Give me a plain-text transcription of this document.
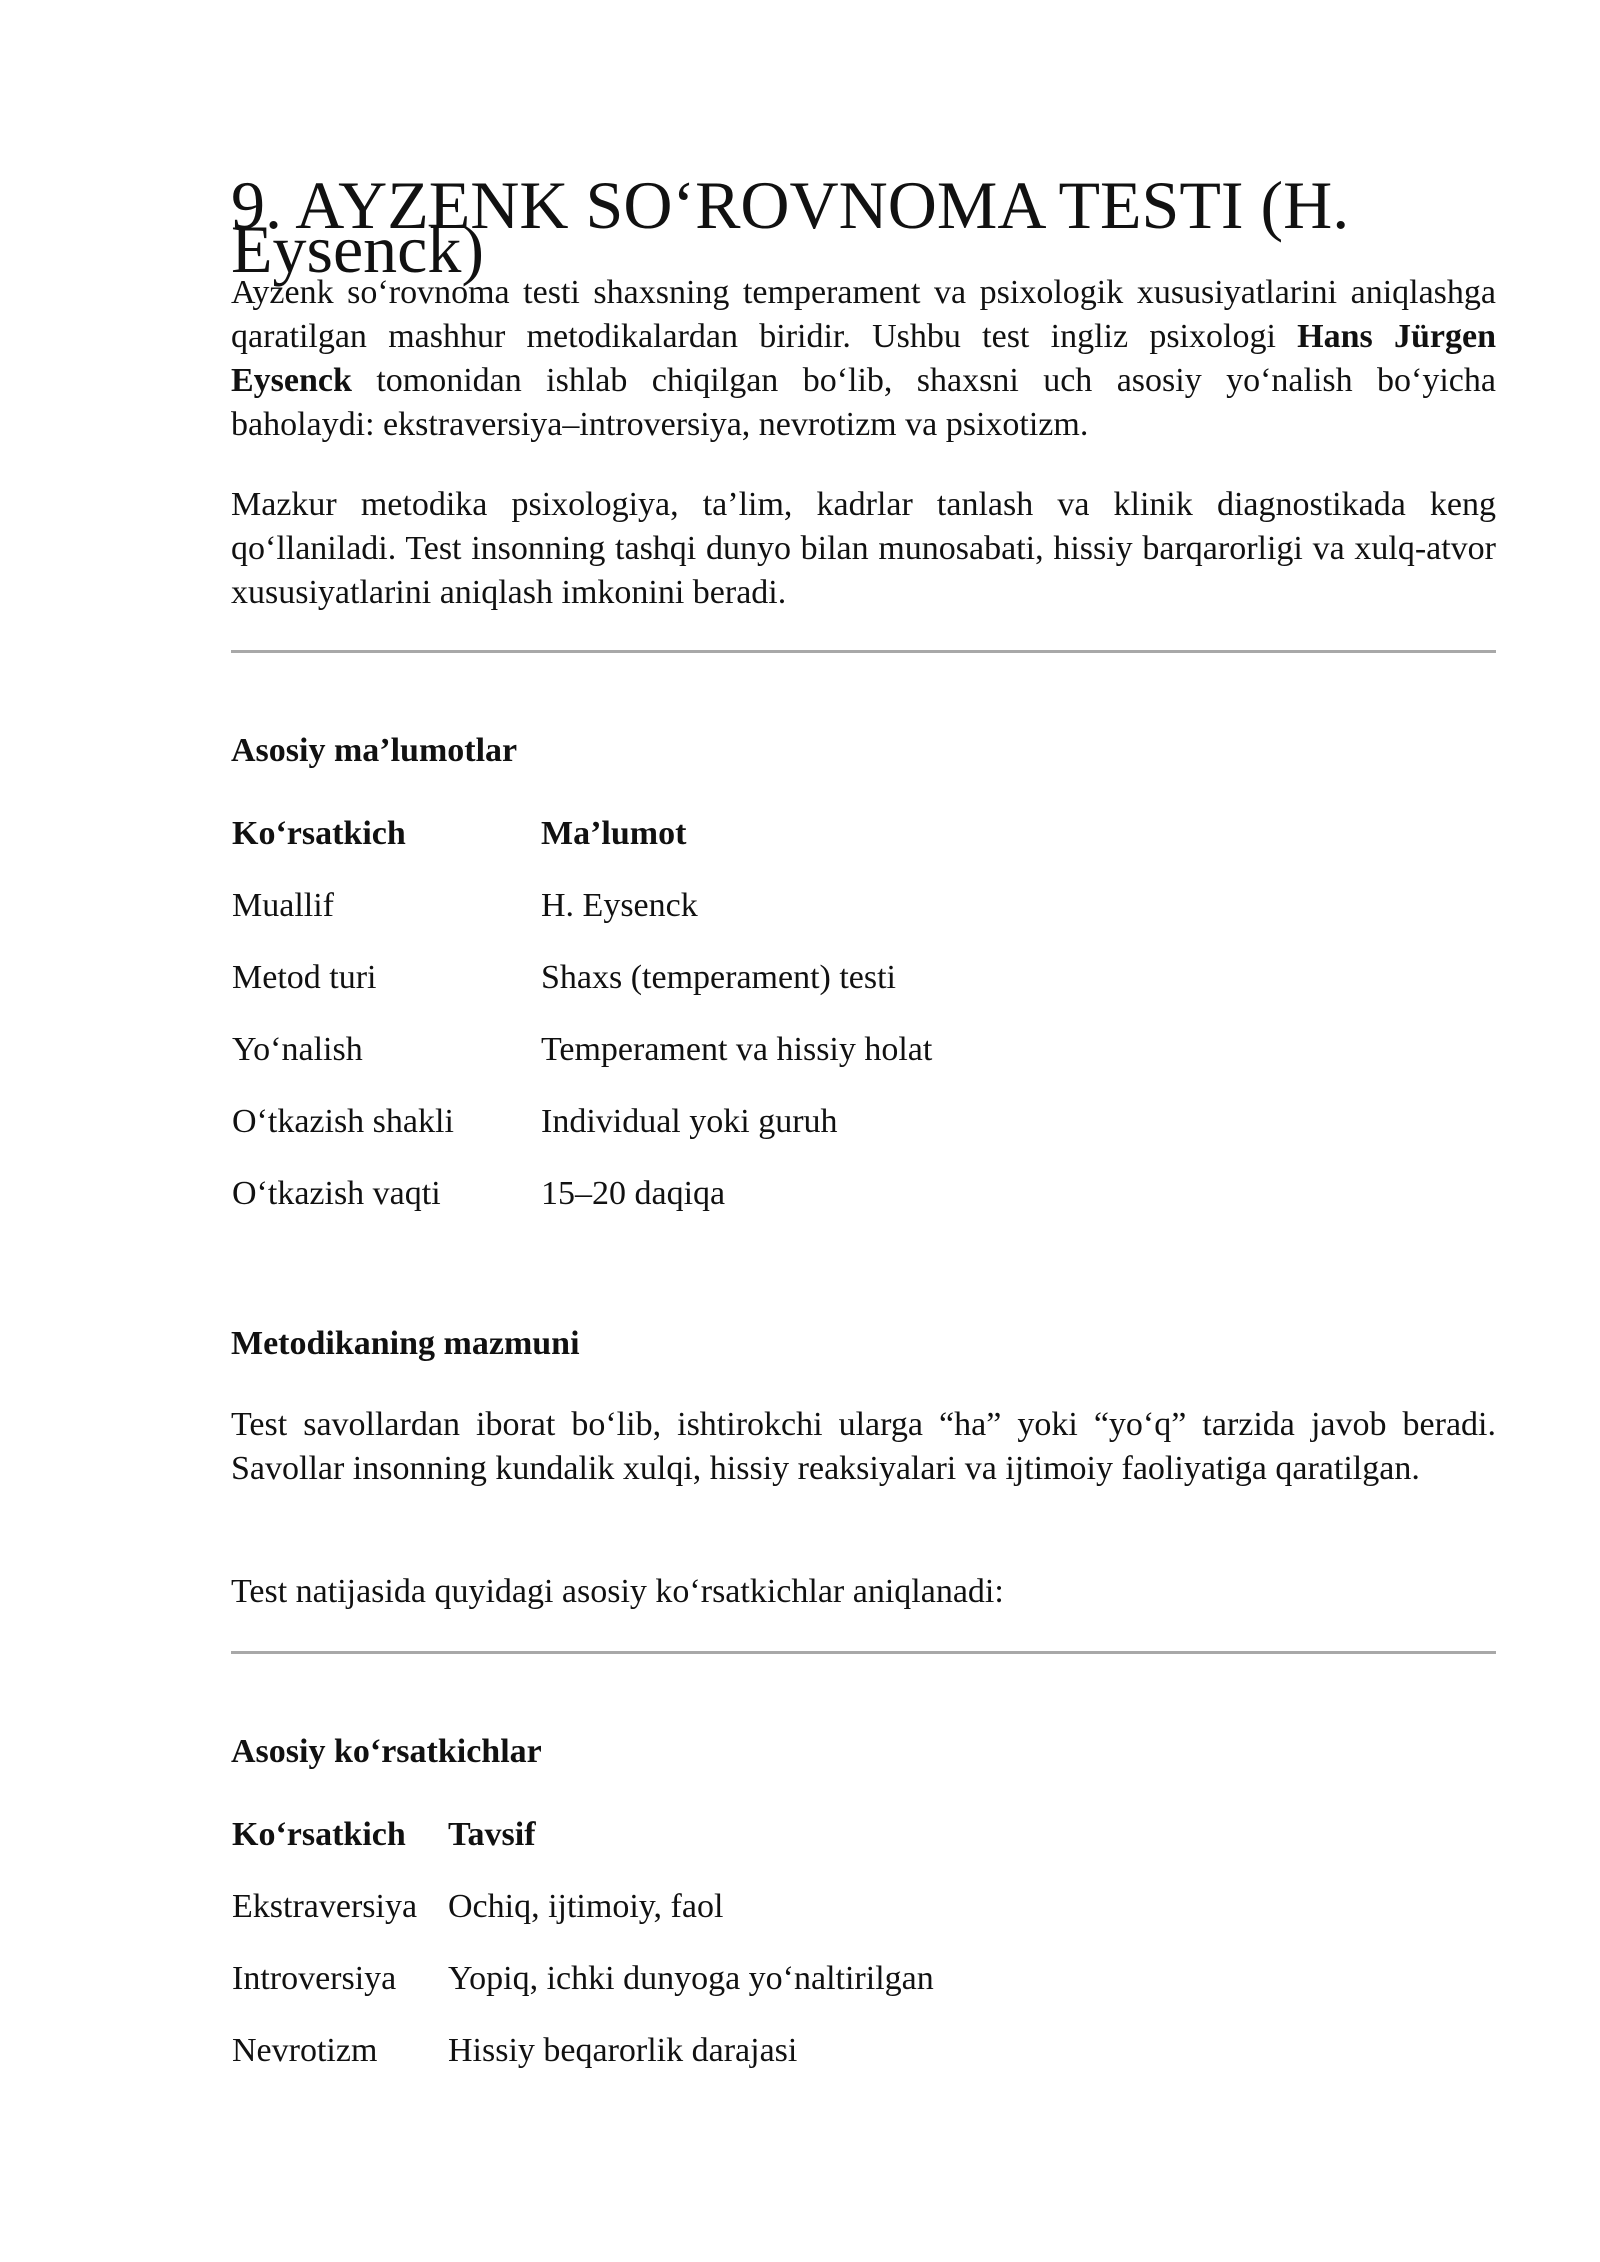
9. AYZENK SO‘ROVNOMA TESTI (H. Eysenck)

Ayzenk so‘rovnoma testi shaxsning temperament va psixologik xususiyatlarini aniqlashga qaratilgan mashhur metodikalardan biridir. Ushbu test ingliz psixologi Hans Jürgen Eysenck tomonidan ishlab chiqilgan bo‘lib, shaxsni uch asosiy yo‘nalish bo‘yicha baholaydi: ekstraversiya–introversiya, nevrotizm va psixotizm.

Mazkur metodika psixologiya, ta’lim, kadrlar tanlash va klinik diagnostikada keng qo‘llaniladi. Test insonning tashqi dunyo bilan munosabati, hissiy barqarorligi va xulq-atvor xususiyatlarini aniqlash imkonini beradi.

Asosiy ma’lumotlar
Ko‘rsatkich	Ma’lumot
Muallif	H. Eysenck
Metod turi	Shaxs (temperament) testi
Yo‘nalish	Temperament va hissiy holat
O‘tkazish shakli	Individual yoki guruh
O‘tkazish vaqti	15–20 daqiqa
Metodikaning mazmuni

Test savollardan iborat bo‘lib, ishtirokchi ularga “ha” yoki “yo‘q” tarzida javob beradi. Savollar insonning kundalik xulqi, hissiy reaksiyalari va ijtimoiy faoliyatiga qaratilgan.

Test natijasida quyidagi asosiy ko‘rsatkichlar aniqlanadi:

Asosiy ko‘rsatkichlar
Ko‘rsatkich Tavsif
Ekstraversiya Ochiq, ijtimoiy, faol
Introversiya Yopiq, ichki dunyoga yo‘naltirilgan
Nevrotizm Hissiy beqarorlik darajasi
